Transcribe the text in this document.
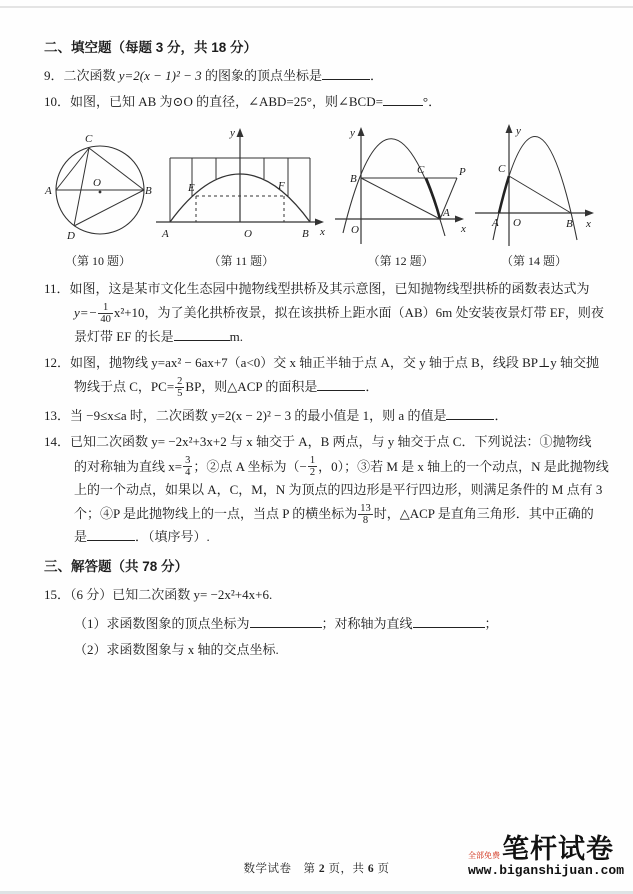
二、填空题（每题 3 分，共 18 分）
9．二次函数 y=2(x − 1)² − 3 的图象的顶点坐标是	．
10．如图，已知 AB 为⊙O 的直径，∠ABD=25°，则∠BCD=	°．
A	B
C
D
O
（第 10 题）
A	B
O
E	F
x
y
（第 11 题）
B
C	P
A
O	x
y
（第 12 题）
C
A O	B x
y
（第 14 题）
11．如图，这是某市文化生态园中抛物线型拱桥及其示意图，已知抛物线型拱桥的函数表达式为
$y=- \frac{1}{40} x^2+10$，为了美化拱桥夜景，拟在该拱桥上距水面（AB）6m 处安装夜景灯带 EF，则夜
景灯带 EF 的长是	m.
12．如图，抛物线 y=ax² − 6ax+7（a<0）交 x 轴正半轴于点 A，交 y 轴于点 B，线段 BP⊥y 轴交抛
物线于点 C，$PC= \frac{2}{5}$ BP，则△ACP 的面积是	．
13．当 −9≤x≤a 时，二次函数 y=2(x − 2)² − 3 的最小值是 1，则 a 的值是	．
14．已知二次函数 y= −2x²+3x+2 与 x 轴交于 A，B 两点，与 y 轴交于点 C．下列说法：①抛物线
的对称轴为直线 $x= \frac{3}{4}$ ；②点 A 坐标为（− $\frac{1}{2}$ ，0）；③若 M 是 x 轴上的一个动点，N 是此抛物线
上的一个动点，如果以 A，C，M，N 为顶点的四边形是平行四边形，则满足条件的 M 点有 3
个；④P 是此抛物线上的一点，当点 P 的横坐标为 $\frac{13}{8}$ 时，△ACP 是直角三角形．其中正确的
是	．（填序号）.
三、解答题（共 78 分）
15．（6 分）已知二次函数 y= −2x²+4x+6.
（1）求函数图象的顶点坐标为	；对称轴为直线	；
（2）求函数图象与 x 轴的交点坐标.
数学试卷　第 2 页，共 6 页
全部免费 笔杆试卷
www.biganshijuan.com
